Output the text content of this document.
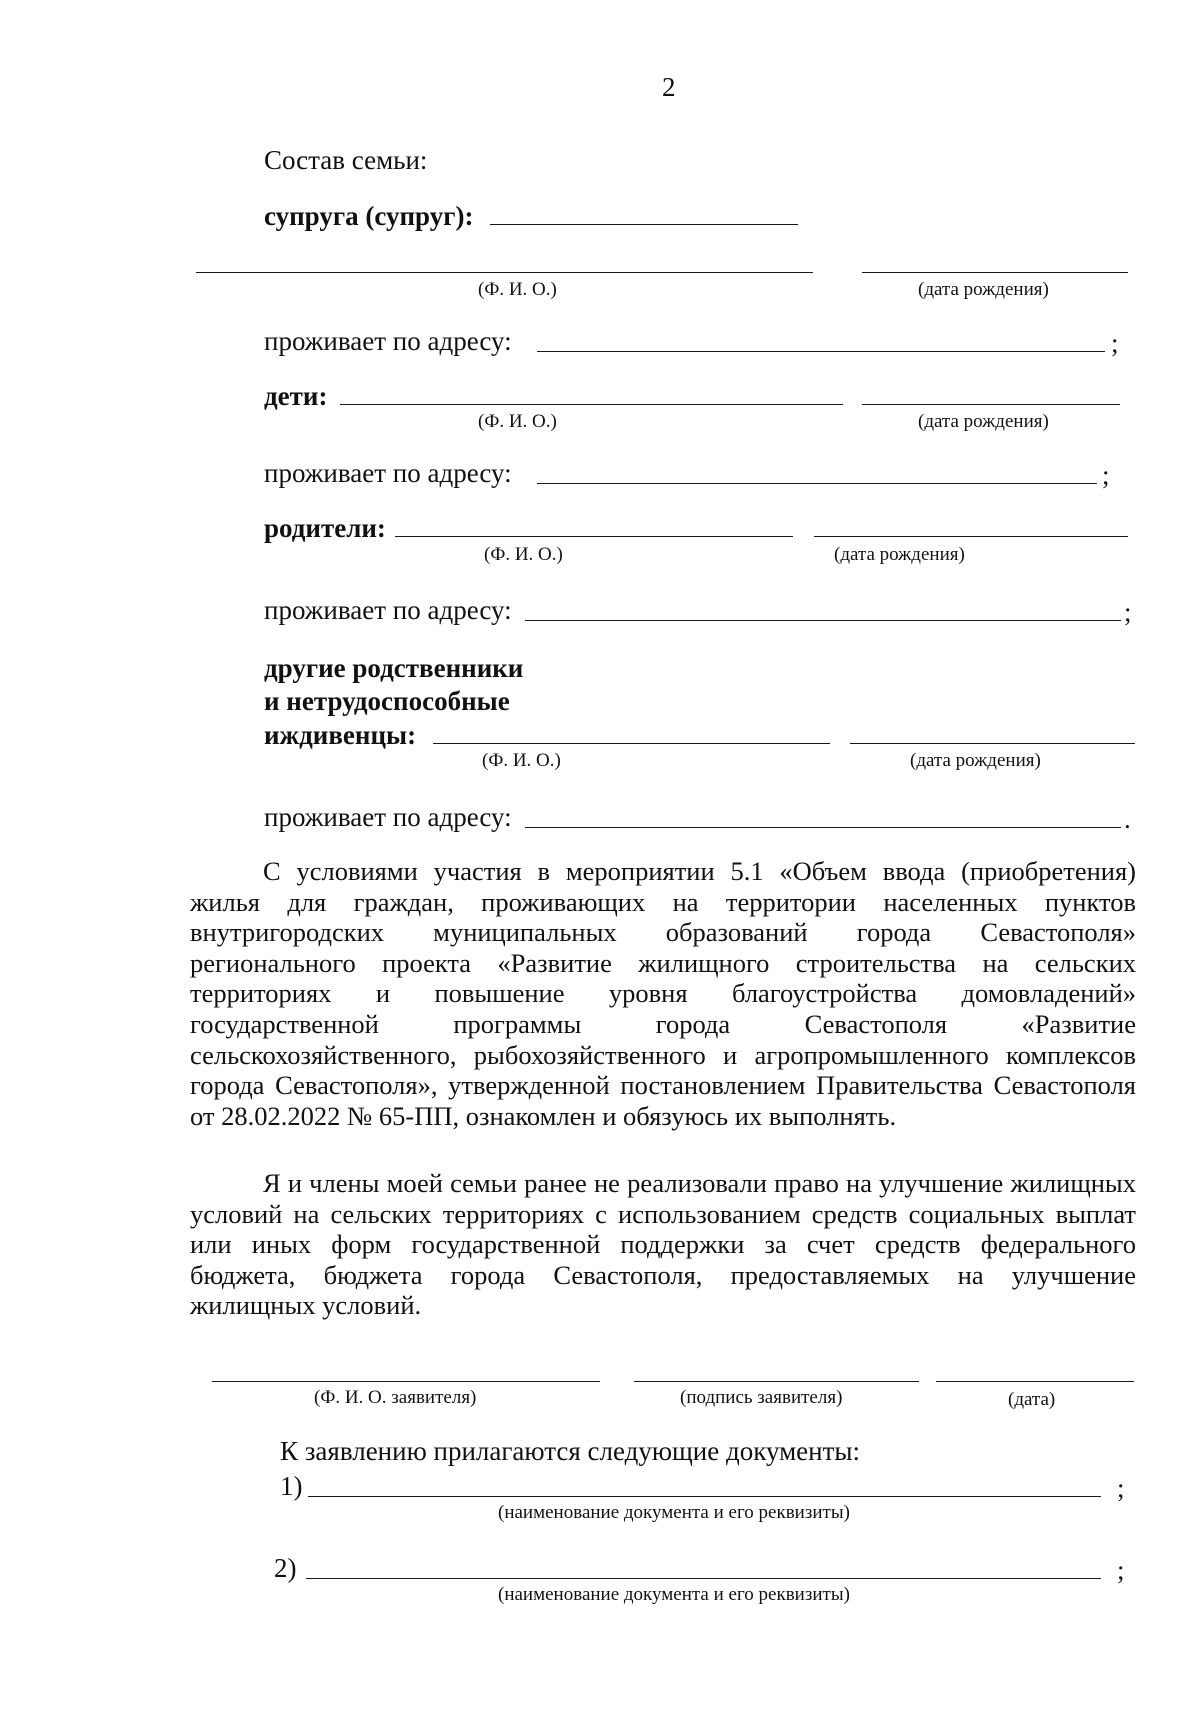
2
Состав семьи:
супруга (супруг):
(Ф. И. О.)	(дата рождения)
проживает по адресу:	;
дети:
(Ф. И. О.)	(дата рождения)
проживает по адресу:	;
родители:
(Ф. И. О.)	(дата рождения)
проживает по адресу:	;
другие родственники
и нетрудоспособные
иждивенцы:
(Ф. И. О.)	(дата рождения)
проживает по адресу:	.
С условиями участия в мероприятии 5.1 «Объем ввода (приобретения) жилья для граждан, проживающих на территории населенных пунктов внутригородских муниципальных образований города Севастополя» регионального проекта «Развитие жилищного строительства на сельских территориях и повышение уровня благоустройства домовладений» государственной программы города Севастополя «Развитие сельскохозяйственного, рыбохозяйственного и агропромышленного комплексов города Севастополя», утвержденной постановлением Правительства Севастополя от 28.02.2022 № 65-ПП, ознакомлен и обязуюсь их выполнять.
Я и члены моей семьи ранее не реализовали право на улучшение жилищных условий на сельских территориях с использованием средств социальных выплат или иных форм государственной поддержки за счет средств федерального бюджета, бюджета города Севастополя, предоставляемых на улучшение жилищных условий.
(Ф. И. О. заявителя)	(подпись заявителя)	(дата)
К заявлению прилагаются следующие документы:
1)	;
(наименование документа и его реквизиты)
2)	;
(наименование документа и его реквизиты)
